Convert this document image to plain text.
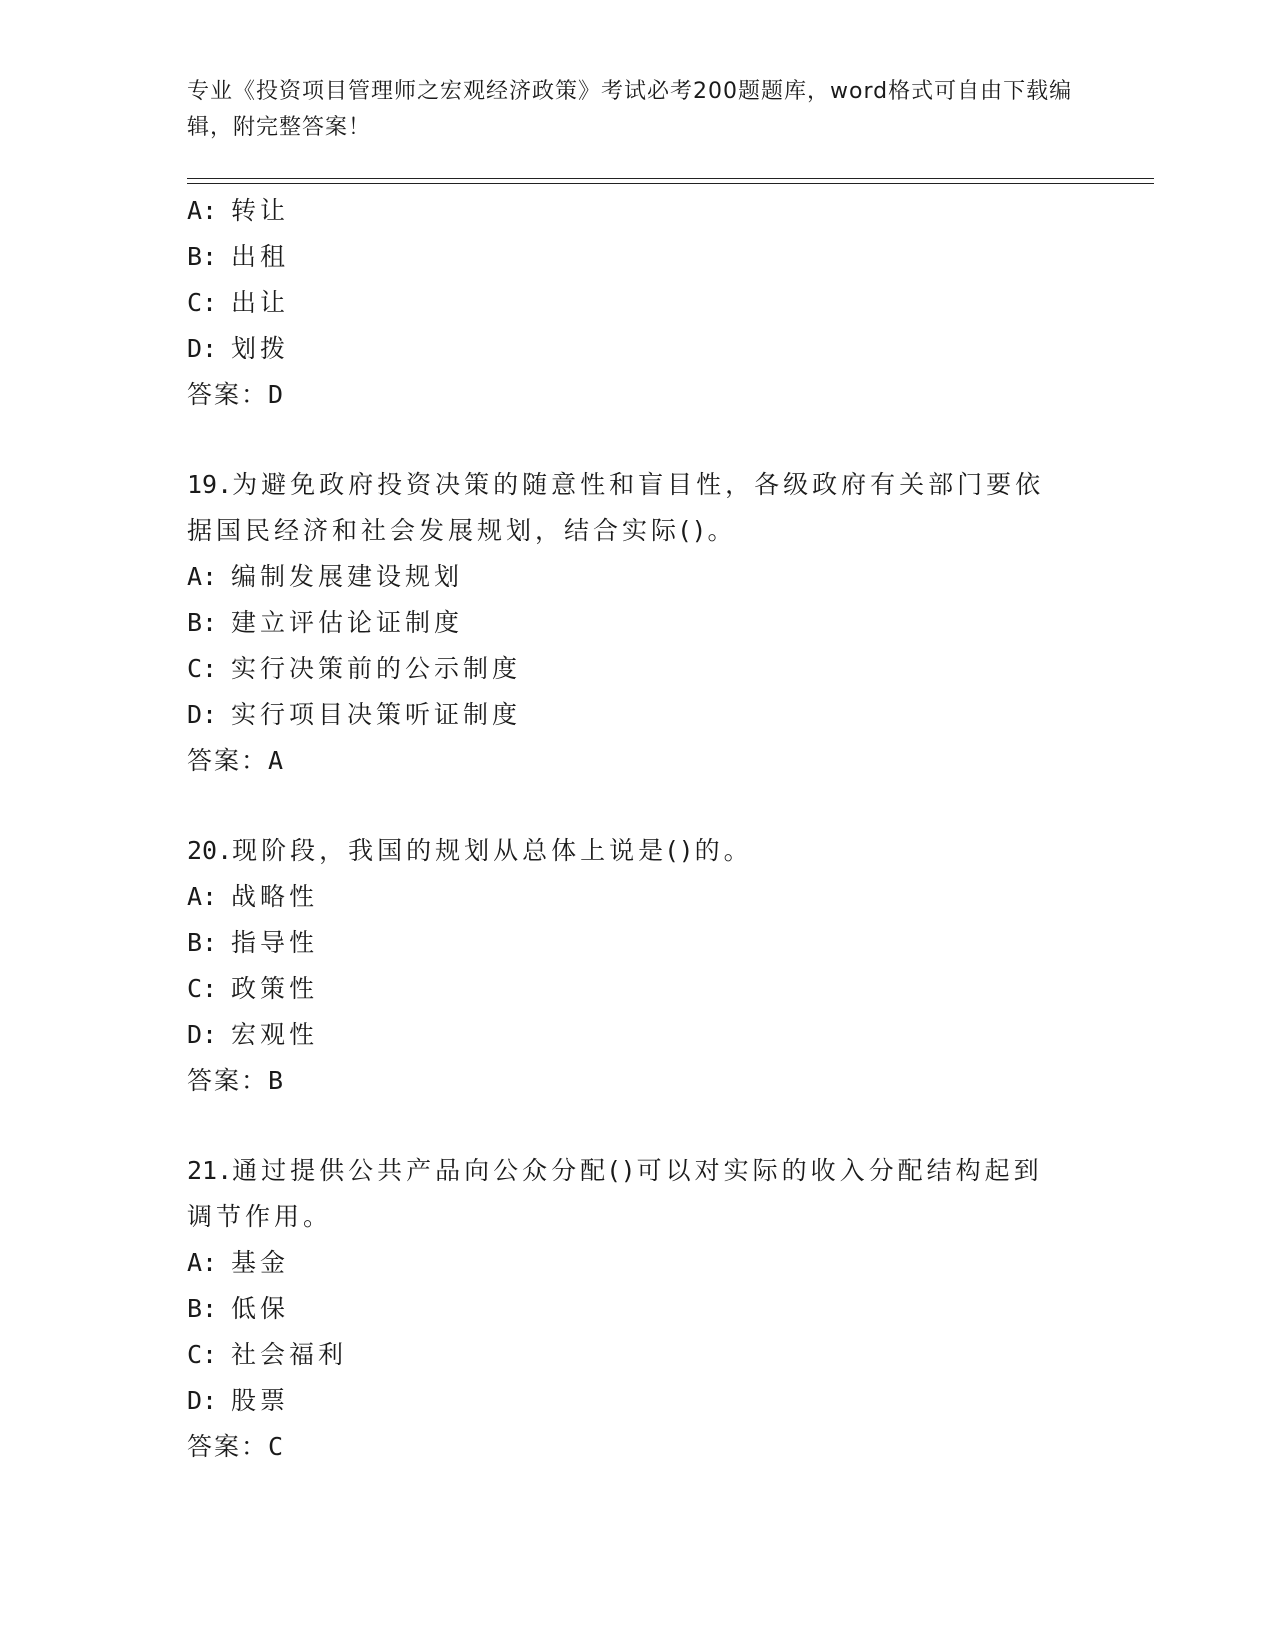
专业《投资项目管理师之宏观经济政策》考试必考200题题库，word格式可自由下载编辑，附完整答案！
A: 转让
B: 出租
C: 出让
D: 划拨
答案：D
19.为避免政府投资决策的随意性和盲目性，各级政府有关部门要依据国民经济和社会发展规划，结合实际()。
A: 编制发展建设规划
B: 建立评估论证制度
C: 实行决策前的公示制度
D: 实行项目决策听证制度
答案：A
20.现阶段，我国的规划从总体上说是()的。
A: 战略性
B: 指导性
C: 政策性
D: 宏观性
答案：B
21.通过提供公共产品向公众分配()可以对实际的收入分配结构起到调节作用。
A: 基金
B: 低保
C: 社会福利
D: 股票
答案：C
